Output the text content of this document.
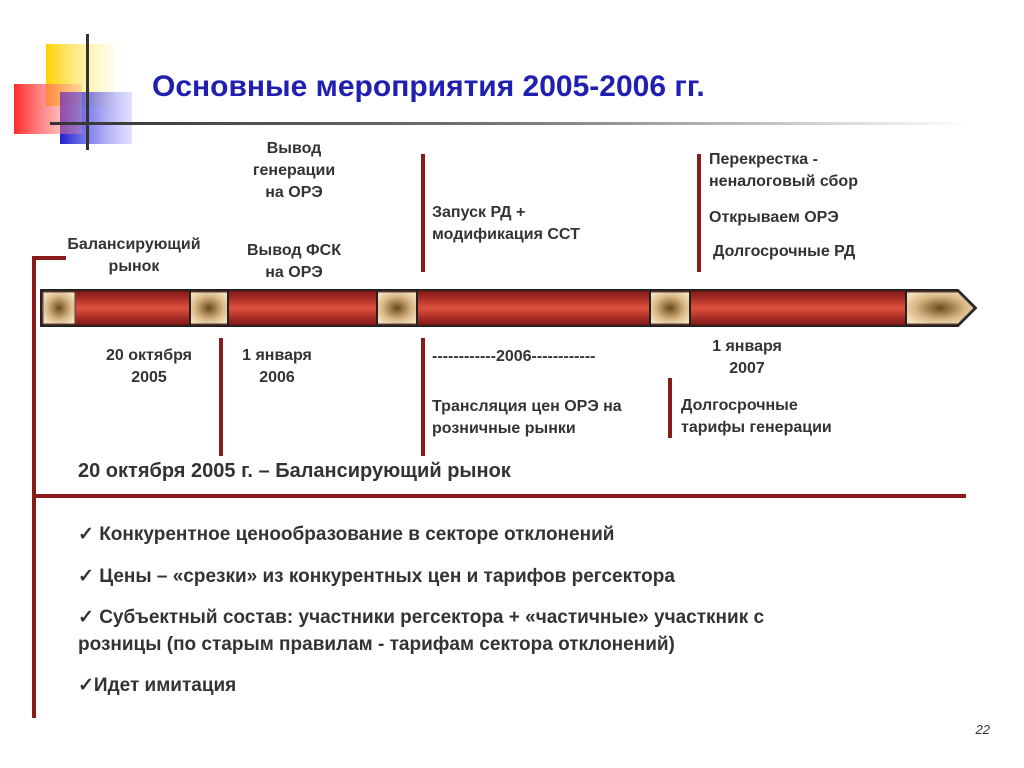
Основные мероприятия 2005-2006 гг.
Балансирующий рынок
Вывод
генерации
на ОРЭ
Вывод ФСК
на ОРЭ
Запуск РД +
модификация ССТ
Перекрестка -
неналоговый сбор
Открываем ОРЭ
Долгосрочные РД
20 октября
2005
1 января
2006
------------2006------------
Трансляция цен ОРЭ на
розничные рынки
1 января
2007
Долгосрочные
тарифы генерации
20 октября 2005 г. – Балансирующий рынок
✓ Конкурентное ценообразование в секторе отклонений
✓ Цены – «срезки» из конкурентных цен и тарифов регсектора
✓ Субъектный состав: участники регсектора + «частичные» участкник с
розницы (по старым правилам - тарифам сектора отклонений)
✓Идет имитация
22
